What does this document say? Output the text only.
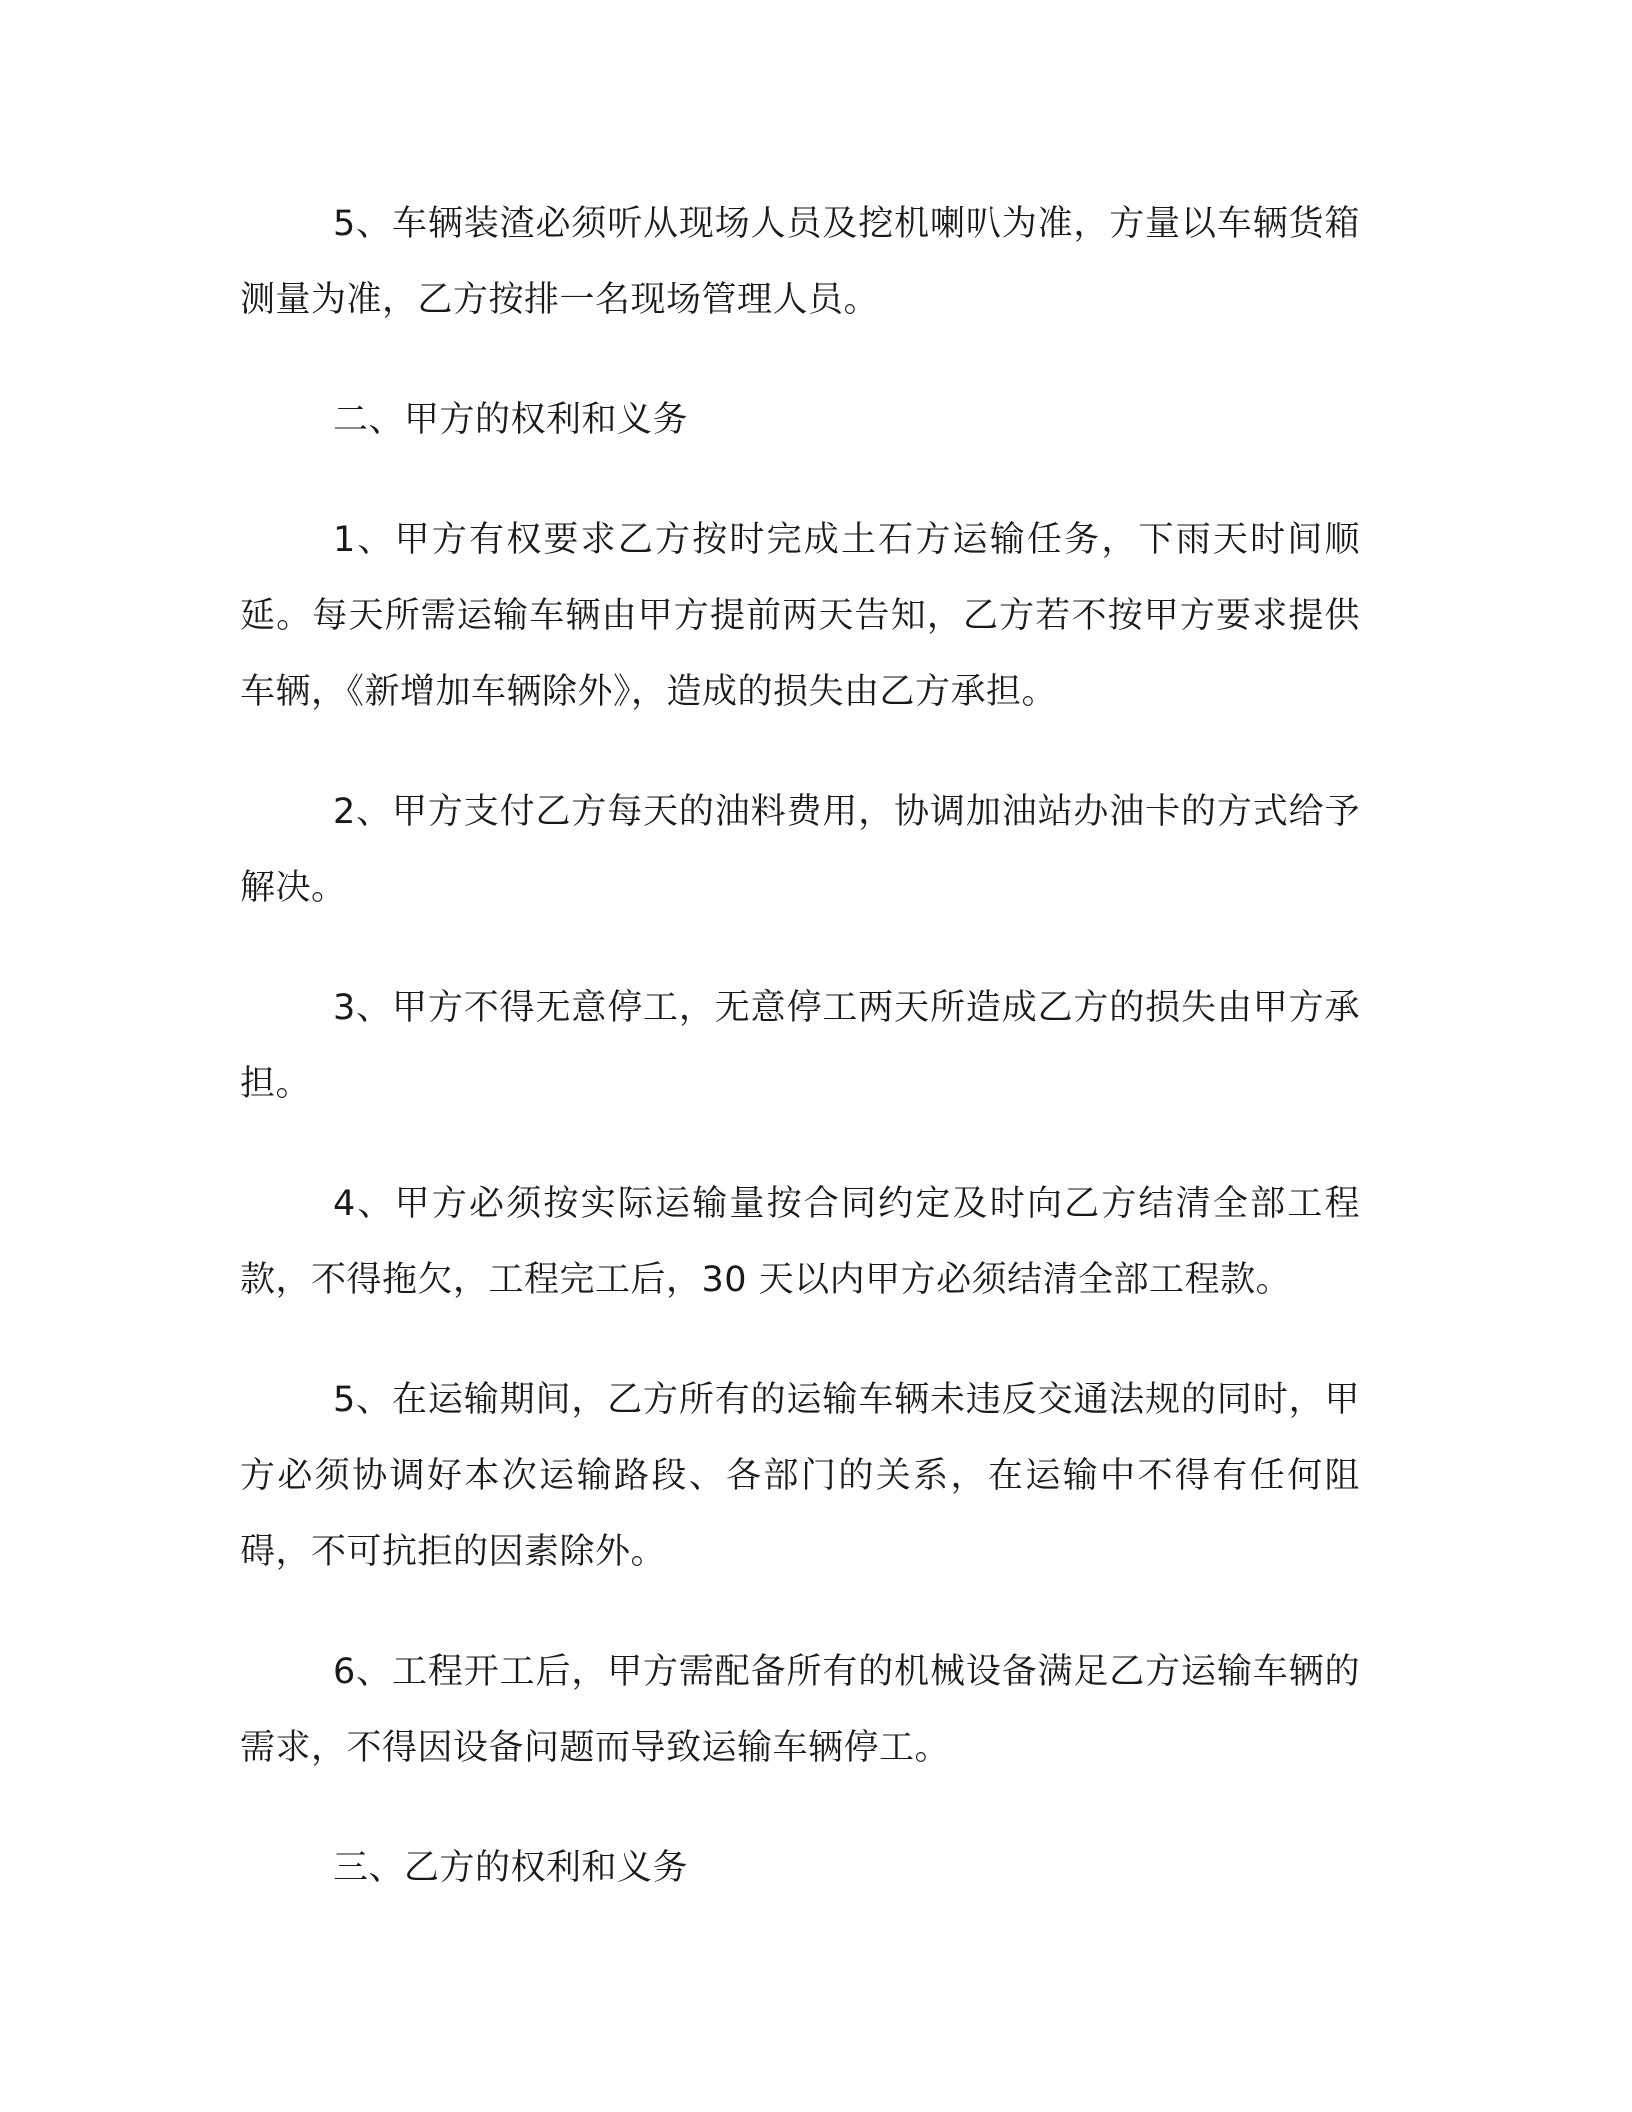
5、车辆装渣必须听从现场人员及挖机喇叭为准，方量以车辆货箱测量为准，乙方按排一名现场管理人员。

二、甲方的权利和义务

1、甲方有权要求乙方按时完成土石方运输任务，下雨天时间顺延。每天所需运输车辆由甲方提前两天告知，乙方若不按甲方要求提供车辆，《新增加车辆除外》，造成的损失由乙方承担。

2、甲方支付乙方每天的油料费用，协调加油站办油卡的方式给予解决。

3、甲方不得无意停工，无意停工两天所造成乙方的损失由甲方承担。

4、甲方必须按实际运输量按合同约定及时向乙方结清全部工程款，不得拖欠，工程完工后，30 天以内甲方必须结清全部工程款。

5、在运输期间，乙方所有的运输车辆未违反交通法规的同时，甲方必须协调好本次运输路段、各部门的关系，在运输中不得有任何阻碍，不可抗拒的因素除外。

6、工程开工后，甲方需配备所有的机械设备满足乙方运输车辆的需求，不得因设备问题而导致运输车辆停工。

三、乙方的权利和义务
